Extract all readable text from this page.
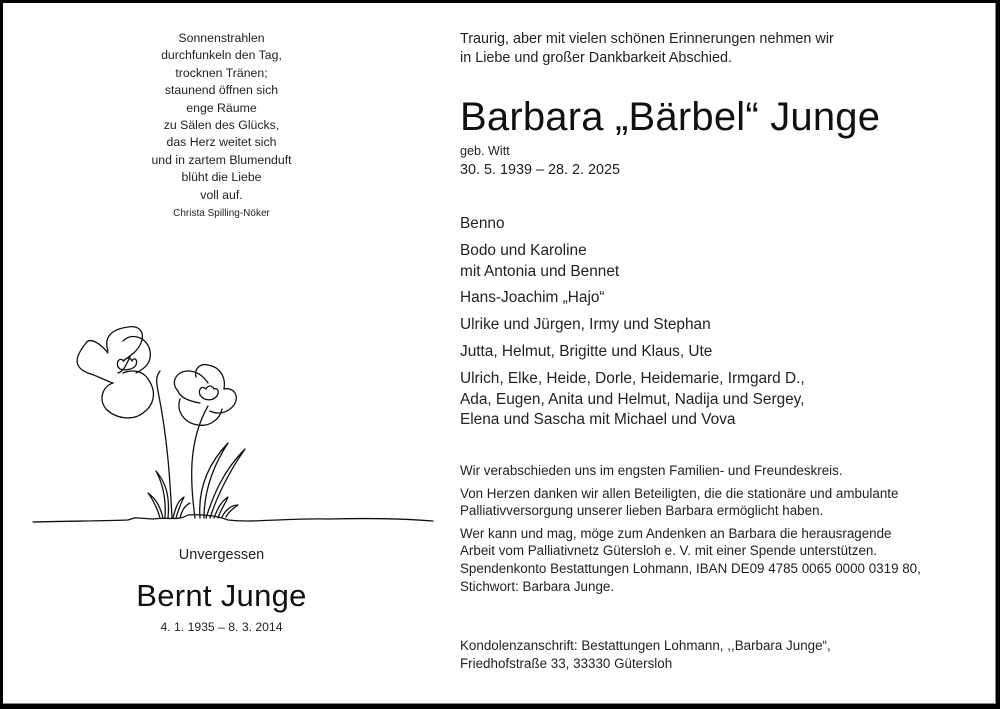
Sonnenstrahlen
durchfunkeln den Tag,
trocknen Tränen;
staunend öffnen sich
enge Räume
zu Sälen des Glücks,
das Herz weitet sich
und in zartem Blumenduft
blüht die Liebe
voll auf.
Christa Spilling-Nöker
Unvergessen
Bernt Junge
4. 1. 1935 – 8. 3. 2014
Traurig, aber mit vielen schönen Erinnerungen nehmen wir
in Liebe und großer Dankbarkeit Abschied.
Barbara „Bärbel“ Junge
geb. Witt
30. 5. 1939 – 28. 2. 2025
Benno
Bodo und Karoline
mit Antonia und Bennet
Hans-Joachim „Hajo“
Ulrike und Jürgen, Irmy und Stephan
Jutta, Helmut, Brigitte und Klaus, Ute
Ulrich, Elke, Heide, Dorle, Heidemarie, Irmgard D.,
Ada, Eugen, Anita und Helmut, Nadija und Sergey,
Elena und Sascha mit Michael und Vova
Wir verabschieden uns im engsten Familien- und Freundeskreis.
Von Herzen danken wir allen Beteiligten, die die stationäre und ambulante
Palliativversorgung unserer lieben Barbara ermöglicht haben.
Wer kann und mag, möge zum Andenken an Barbara die herausragende
Arbeit vom Palliativnetz Gütersloh e. V. mit einer Spende unterstützen.
Spendenkonto Bestattungen Lohmann, IBAN DE09 4785 0065 0000 0319 80,
Stichwort: Barbara Junge.
Kondolenzanschrift: Bestattungen Lohmann, ,,Barbara Junge“,
Friedhofstraße 33, 33330 Gütersloh
